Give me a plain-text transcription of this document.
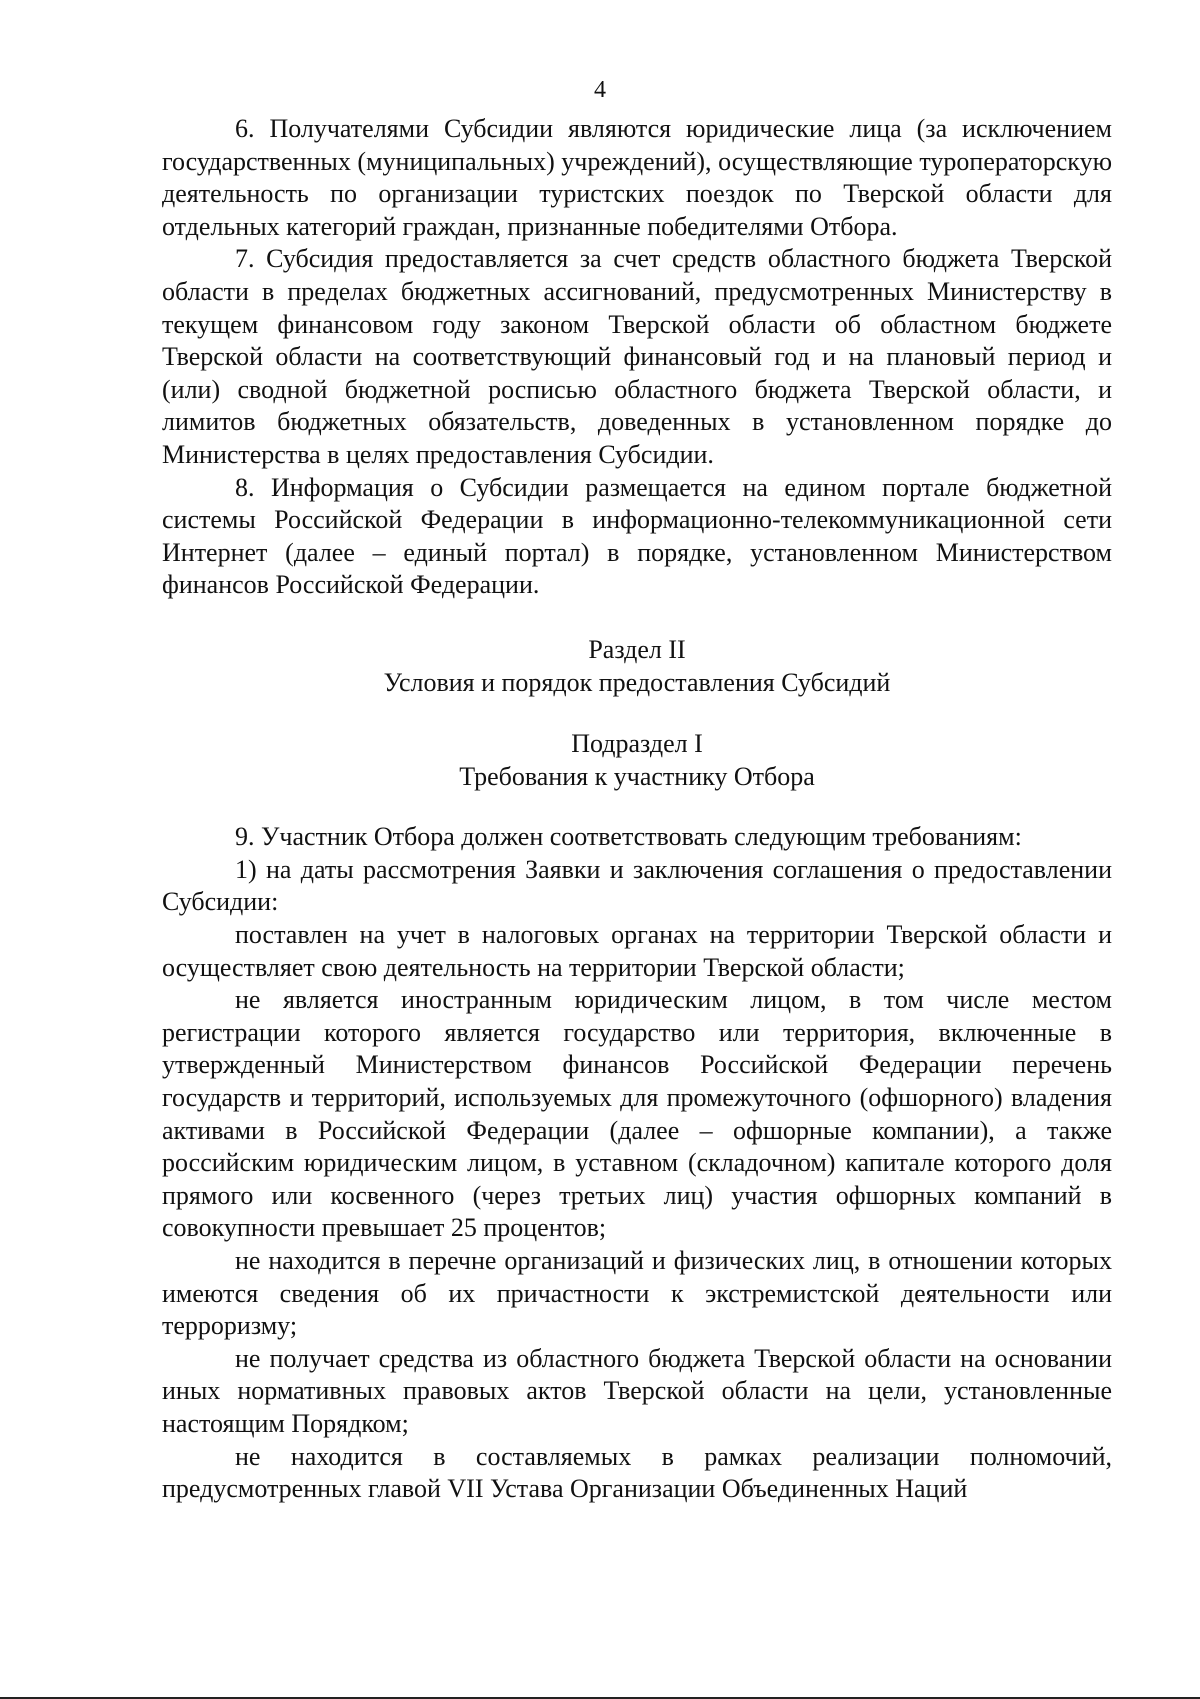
4

6. Получателями Субсидии являются юридические лица (за исключением государственных (муниципальных) учреждений), осуществляющие туроператорскую деятельность по организации туристских поездок по Тверской области для отдельных категорий граждан, признанные победителями Отбора.

7. Субсидия предоставляется за счет средств областного бюджета Тверской области в пределах бюджетных ассигнований, предусмотренных Министерству в текущем финансовом году законом Тверской области об областном бюджете Тверской области на соответствующий финансовый год и на плановый период и (или) сводной бюджетной росписью областного бюджета Тверской области, и лимитов бюджетных обязательств, доведенных в установленном порядке до Министерства в целях предоставления Субсидии.

8. Информация о Субсидии размещается на едином портале бюджетной системы Российской Федерации в информационно-телекоммуникационной сети Интернет (далее – единый портал) в порядке, установленном Министерством финансов Российской Федерации.

Раздел II
Условия и порядок предоставления Субсидий
Подраздел I
Требования к участнику Отбора

9. Участник Отбора должен соответствовать следующим требованиям:

1) на даты рассмотрения Заявки и заключения соглашения о предоставлении Субсидии:

поставлен на учет в налоговых органах на территории Тверской области и осуществляет свою деятельность на территории Тверской области;

не является иностранным юридическим лицом, в том числе местом регистрации которого является государство или территория, включенные в утвержденный Министерством финансов Российской Федерации перечень государств и территорий, используемых для промежуточного (офшорного) владения активами в Российской Федерации (далее – офшорные компании), а также российским юридическим лицом, в уставном (складочном) капитале которого доля прямого или косвенного (через третьих лиц) участия офшорных компаний в совокупности превышает 25 процентов;

не находится в перечне организаций и физических лиц, в отношении которых имеются сведения об их причастности к экстремистской деятельности или терроризму;

не получает средства из областного бюджета Тверской области на основании иных нормативных правовых актов Тверской области на цели, установленные настоящим Порядком;

не находится в составляемых в рамках реализации полномочий, предусмотренных главой VII Устава Организации Объединенных Наций
